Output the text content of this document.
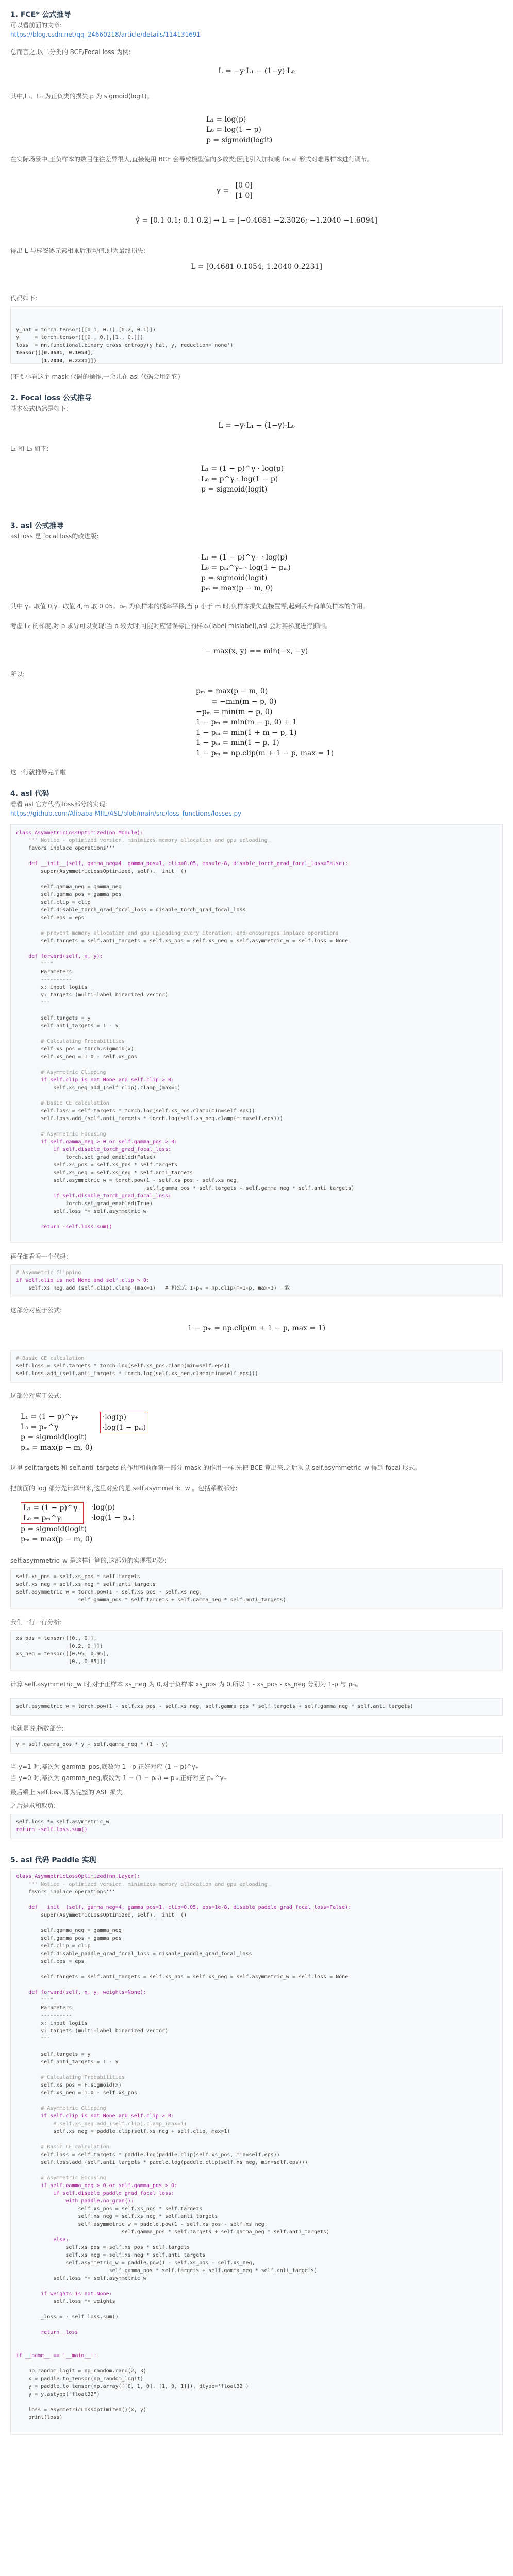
1. FCE* 公式推导
可以看前面的文章:
https://blog.csdn.net/qq_24660218/article/details/114131691
总而言之,以二分类的 BCE/Focal loss 为例:
L = −y·L₁ − (1−y)·L₀
其中,L₁、L₀ 为正负类的损失,p 为 sigmoid(logit)。
L₁ = log(p)
L₀ = log(1 − p)
p = sigmoid(logit)
在实际场景中,正负样本的数目往往差异很大,直接使用 BCE 会导致模型偏向多数类;因此引入加权或 focal 形式对难易样本进行调节。
y =
[0 0]
[1 0]
ŷ = [0.1 0.1; 0.1 0.2] → L = [−0.4681 −2.3026; −1.2040 −1.6094]
得出 L 与标签逐元素相乘后取均值,即为最终损失:
L = [0.4681 0.1054; 1.2040 0.2231]
代码如下:

y_hat = torch.tensor([[0.1, 0.1],[0.2, 0.1]])
y     = torch.tensor([[0., 0.],[1., 0.]])
loss  = nn.functional.binary_cross_entropy(y_hat, y, reduction='none')
tensor([[0.4681, 0.1054],
[1.2040, 0.2231]])

(不要小看这个 mask 代码的操作,一会儿在 asl 代码会用到它)
2. Focal loss 公式推导
基本公式仍然是如下:
L = −y·L₁ − (1−y)·L₀
L₁ 和 L₀ 如下:
L₁ = (1 − p)^γ · log(p)
L₀ = p^γ · log(1 − p)
p = sigmoid(logit)
3. asl 公式推导
asl loss 是 focal loss的改进版:
L₁ = (1 − p)^γ₊ · log(p)
L₀ = pₘ^γ₋ · log(1 − pₘ)
p = sigmoid(logit)
pₘ = max(p − m, 0)
其中 γ₊ 取值 0,γ₋ 取值 4,m 取 0.05。pₘ 为负样本的概率平移,当 p 小于 m 时,负样本损失直接置零,起到丢弃简单负样本的作用。
考虑 L₀ 的梯度,对 p 求导可以发现:当 p 较大时,可能对应错误标注的样本(label mislabel),asl 会对其梯度进行抑制。
− max(x, y) == min(−x, −y)
所以:
pₘ = max(p − m, 0)
= −min(m − p, 0)
−pₘ = min(m − p, 0)
1 − pₘ = min(m − p, 0) + 1
1 − pₘ = min(1 + m − p, 1)
1 − pₘ = min(1 − p, 1)
1 − pₘ = np.clip(m + 1 − p, max = 1)
这一行就推导完毕啦
4. asl 代码
看看 asl 官方代码,loss部分的实现:
https://github.com/Alibaba-MIIL/ASL/blob/main/src/loss_functions/losses.py
class AsymmetricLossOptimized(nn.Module):
''' Notice - optimized version, minimizes memory allocation and gpu uploading,
favors inplace operations'''

def __init__(self, gamma_neg=4, gamma_pos=1, clip=0.05, eps=1e-8, disable_torch_grad_focal_loss=False):
super(AsymmetricLossOptimized, self).__init__()

self.gamma_neg = gamma_neg
self.gamma_pos = gamma_pos
self.clip = clip
self.disable_torch_grad_focal_loss = disable_torch_grad_focal_loss
self.eps = eps

# prevent memory allocation and gpu uploading every iteration, and encourages inplace operations
self.targets = self.anti_targets = self.xs_pos = self.xs_neg = self.asymmetric_w = self.loss = None

def forward(self, x, y):
""""
Parameters
----------
x: input logits
y: targets (multi-label binarized vector)
"""

self.targets = y
self.anti_targets = 1 - y

# Calculating Probabilities
self.xs_pos = torch.sigmoid(x)
self.xs_neg = 1.0 - self.xs_pos

# Asymmetric Clipping
if self.clip is not None and self.clip > 0:
self.xs_neg.add_(self.clip).clamp_(max=1)

# Basic CE calculation
self.loss = self.targets * torch.log(self.xs_pos.clamp(min=self.eps))
self.loss.add_(self.anti_targets * torch.log(self.xs_neg.clamp(min=self.eps)))

# Asymmetric Focusing
if self.gamma_neg > 0 or self.gamma_pos > 0:
if self.disable_torch_grad_focal_loss:
torch.set_grad_enabled(False)
self.xs_pos = self.xs_pos * self.targets
self.xs_neg = self.xs_neg * self.anti_targets
self.asymmetric_w = torch.pow(1 - self.xs_pos - self.xs_neg,
self.gamma_pos * self.targets + self.gamma_neg * self.anti_targets)
if self.disable_torch_grad_focal_loss:
torch.set_grad_enabled(True)
self.loss *= self.asymmetric_w

return -self.loss.sum()
再仔细看看一个代码:
# Asymmetric Clipping
if self.clip is not None and self.clip > 0:
self.xs_neg.add_(self.clip).clamp_(max=1)   # 和公式 1-pₘ = np.clip(m+1-p, max=1) 一致
这部分对应于公式:
1 − pₘ = np.clip(m + 1 − p, max = 1)
# Basic CE calculation
self.loss = self.targets * torch.log(self.xs_pos.clamp(min=self.eps))
self.loss.add_(self.anti_targets * torch.log(self.xs_neg.clamp(min=self.eps)))
这部分对应于公式:
L₁ = (1 − p)^γ₊
L₀ = pₘ^γ₋
p = sigmoid(logit)
pₘ = max(p − m, 0)

·log(p)
·log(1 − pₘ)
这里 self.targets 和 self.anti_targets 的作用和前面第一部分 mask 的作用一样,先把 BCE 算出来,之后乘以 self.asymmetric_w 得到 focal 形式。
把前面的 log 部分先计算出来,这里对应的是 self.asymmetric_w 。包括系数部分:
L₁ = (1 − p)^γ₊
L₀ = pₘ^γ₋

·log(p)
·log(1 − pₘ)
p = sigmoid(logit)
pₘ = max(p − m, 0)
self.asymmetric_w 是这样计算的,这部分的实现很巧妙:
self.xs_pos = self.xs_pos * self.targets
self.xs_neg = self.xs_neg * self.anti_targets
self.asymmetric_w = torch.pow(1 - self.xs_pos - self.xs_neg,
self.gamma_pos * self.targets + self.gamma_neg * self.anti_targets)
我们一行一行分析:
xs_pos = tensor([[0., 0.],
[0.2, 0.]])
xs_neg = tensor([[0.95, 0.95],
[0., 0.85]])
计算 self.asymmetric_w 时,对于正样本 xs_neg 为 0,对于负样本 xs_pos 为 0,所以 1 - xs_pos - xs_neg 分别为 1-p 与 pₘ。
self.asymmetric_w = torch.pow(1 - self.xs_pos - self.xs_neg, self.gamma_pos * self.targets + self.gamma_neg * self.anti_targets)
也就是说,指数部分:
γ = self.gamma_pos * y + self.gamma_neg * (1 - y)
当 y=1 时,幂次为 gamma_pos,底数为 1 - p,正好对应 (1 − p)^γ₊
当 y=0 时,幂次为 gamma_neg,底数为 1 − (1 − pₘ) = pₘ,正好对应 pₘ^γ₋
最后乘上 self.loss,即为完整的 ASL 损失。
之后是求和取负:
self.loss *= self.asymmetric_w
return -self.loss.sum()
5. asl 代码 Paddle 实现
class AsymmetricLossOptimized(nn.Layer):
''' Notice - optimized version, minimizes memory allocation and gpu uploading,
favors inplace operations'''

def __init__(self, gamma_neg=4, gamma_pos=1, clip=0.05, eps=1e-8, disable_paddle_grad_focal_loss=False):
super(AsymmetricLossOptimized, self).__init__()

self.gamma_neg = gamma_neg
self.gamma_pos = gamma_pos
self.clip = clip
self.disable_paddle_grad_focal_loss = disable_paddle_grad_focal_loss
self.eps = eps

self.targets = self.anti_targets = self.xs_pos = self.xs_neg = self.asymmetric_w = self.loss = None

def forward(self, x, y, weights=None):
""""
Parameters
----------
x: input logits
y: targets (multi-label binarized vector)
"""

self.targets = y
self.anti_targets = 1 - y

# Calculating Probabilities
self.xs_pos = F.sigmoid(x)
self.xs_neg = 1.0 - self.xs_pos

# Asymmetric Clipping
if self.clip is not None and self.clip > 0:
# self.xs_neg.add_(self.clip).clamp_(max=1)
self.xs_neg = paddle.clip(self.xs_neg + self.clip, max=1)

# Basic CE calculation
self.loss = self.targets * paddle.log(paddle.clip(self.xs_pos, min=self.eps))
self.loss.add_(self.anti_targets * paddle.log(paddle.clip(self.xs_neg, min=self.eps)))

# Asymmetric Focusing
if self.gamma_neg > 0 or self.gamma_pos > 0:
if self.disable_paddle_grad_focal_loss:
with paddle.no_grad():
self.xs_pos = self.xs_pos * self.targets
self.xs_neg = self.xs_neg * self.anti_targets
self.asymmetric_w = paddle.pow(1 - self.xs_pos - self.xs_neg,
self.gamma_pos * self.targets + self.gamma_neg * self.anti_targets)
else:
self.xs_pos = self.xs_pos * self.targets
self.xs_neg = self.xs_neg * self.anti_targets
self.asymmetric_w = paddle.pow(1 - self.xs_pos - self.xs_neg,
self.gamma_pos * self.targets + self.gamma_neg * self.anti_targets)
self.loss *= self.asymmetric_w

if weights is not None:
self.loss *= weights

_loss = - self.loss.sum()

return _loss

if __name__ == '__main__':

np_random_logit = np.random.rand(2, 3)
x = paddle.to_tensor(np_random_logit)
y = paddle.to_tensor(np.array([[0, 1, 0], [1, 0, 1]]), dtype='float32')
y = y.astype("float32")

loss = AsymmetricLossOptimized()(x, y)
print(loss)
